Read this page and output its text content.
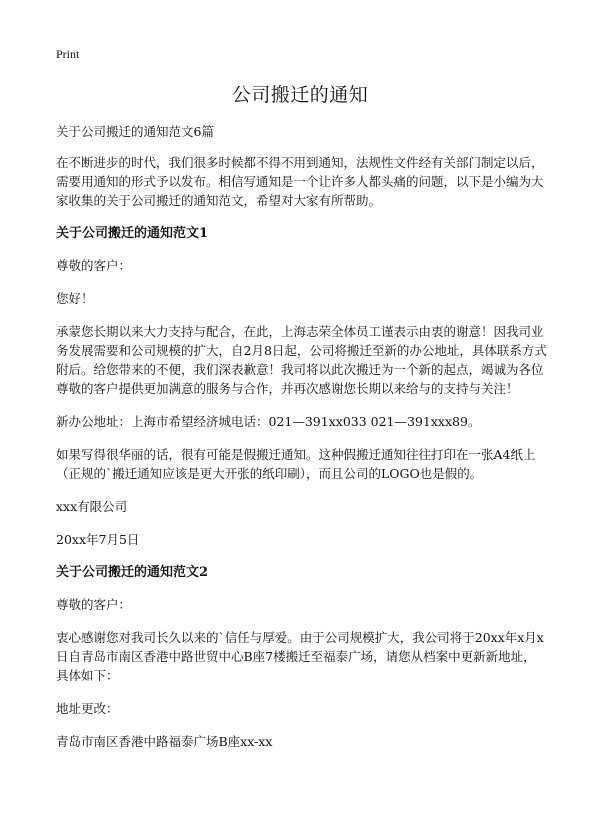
Print
公司搬迁的通知

关于公司搬迁的通知范文6篇

在不断进步的时代，我们很多时候都不得不用到通知，法规性文件经有关部门制定以后，需要用通知的形式予以发布。相信写通知是一个让许多人都头痛的问题，以下是小编为大家收集的关于公司搬迁的通知范文，希望对大家有所帮助。

关于公司搬迁的通知范文1

尊敬的客户：

您好！

承蒙您长期以来大力支持与配合，在此，上海志荣全体员工谨表示由衷的谢意！因我司业务发展需要和公司规模的扩大，自2月8日起，公司将搬迁至新的办公地址，具体联系方式附后。给您带来的不便，我们深表歉意！我司将以此次搬迁为一个新的起点，竭诚为各位尊敬的客户提供更加满意的服务与合作，并再次感谢您长期以来给与的支持与关注！

新办公地址：上海市希望经济城电话：021—391xx033 021—391xxx89。

如果写得很华丽的话，很有可能是假搬迁通知。这种假搬迁通知往往打印在一张A4纸上（正规的`搬迁通知应该是更大开张的纸印刷），而且公司的LOGO也是假的。

xxx有限公司

20xx年7月5日

关于公司搬迁的通知范文2

尊敬的客户：

衷心感谢您对我司长久以来的`信任与厚爱。由于公司规模扩大，我公司将于20xx年x月x日自青岛市南区香港中路世贸中心B座7楼搬迁至福泰广场，请您从档案中更新新地址，具体如下：

地址更改：

青岛市南区香港中路福泰广场B座xx-xx
